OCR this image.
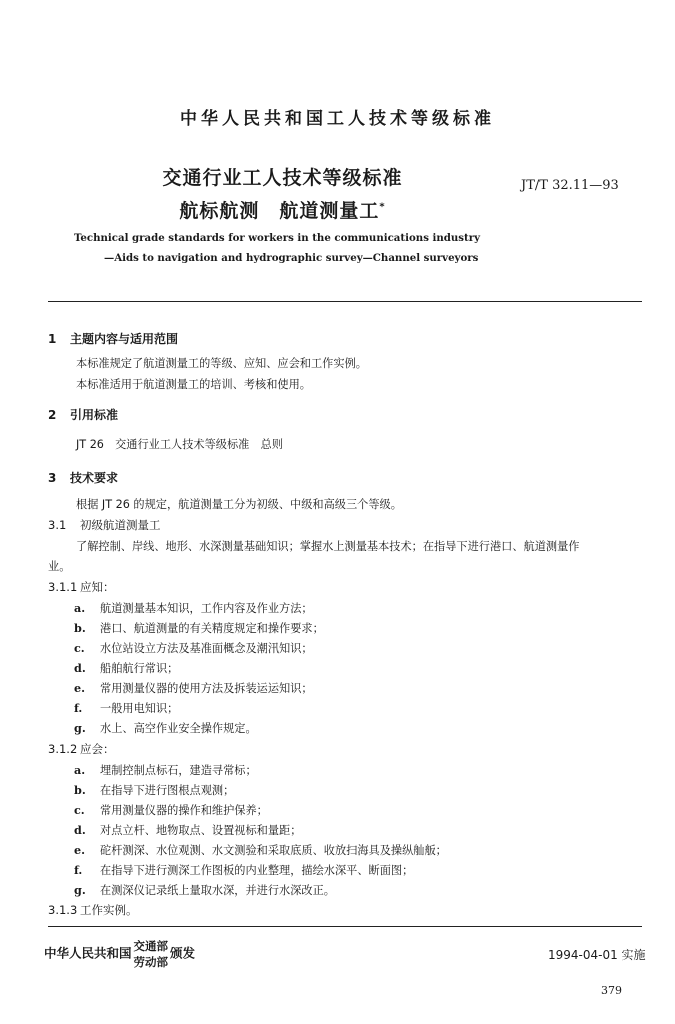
中华人民共和国工人技术等级标准
交通行业工人技术等级标准
航标航测　航道测量工*
JT/T 32.11—93
Technical grade standards for workers in the communications industry
—Aids to navigation and hydrographic survey—Channel surveyors
1 主题内容与适用范围
本标准规定了航道测量工的等级、应知、应会和工作实例。
本标准适用于航道测量工的培训、考核和使用。
2 引用标准
JT 26　交通行业工人技术等级标准　总则
3 技术要求
根据 JT 26 的规定，航道测量工分为初级、中级和高级三个等级。
3.1 初级航道测量工
了解控制、岸线、地形、水深测量基础知识；掌握水上测量基本技术；在指导下进行港口、航道测量作
业。
3.1.1 应知：
a. 航道测量基本知识，工作内容及作业方法；
b. 港口、航道测量的有关精度规定和操作要求；
c. 水位站设立方法及基准面概念及潮汛知识；
d. 船舶航行常识；
e. 常用测量仪器的使用方法及拆装运运知识；
f. 一般用电知识；
g. 水上、高空作业安全操作规定。
3.1.2 应会：
a. 埋制控制点标石，建造寻常标；
b. 在指导下进行图根点观测；
c. 常用测量仪器的操作和维护保养；
d. 对点立杆、地物取点、设置视标和量距；
e. 砣杆测深、水位观测、水文测验和采取底质、收放扫海具及操纵舢舨；
f. 在指导下进行测深工作图板的内业整理，描绘水深平、断面图；
g. 在测深仪记录纸上量取水深，并进行水深改正。
3.1.3 工作实例。
中华人民共和国 交通部
劳动部
颁发	1994-04-01 实施
379
